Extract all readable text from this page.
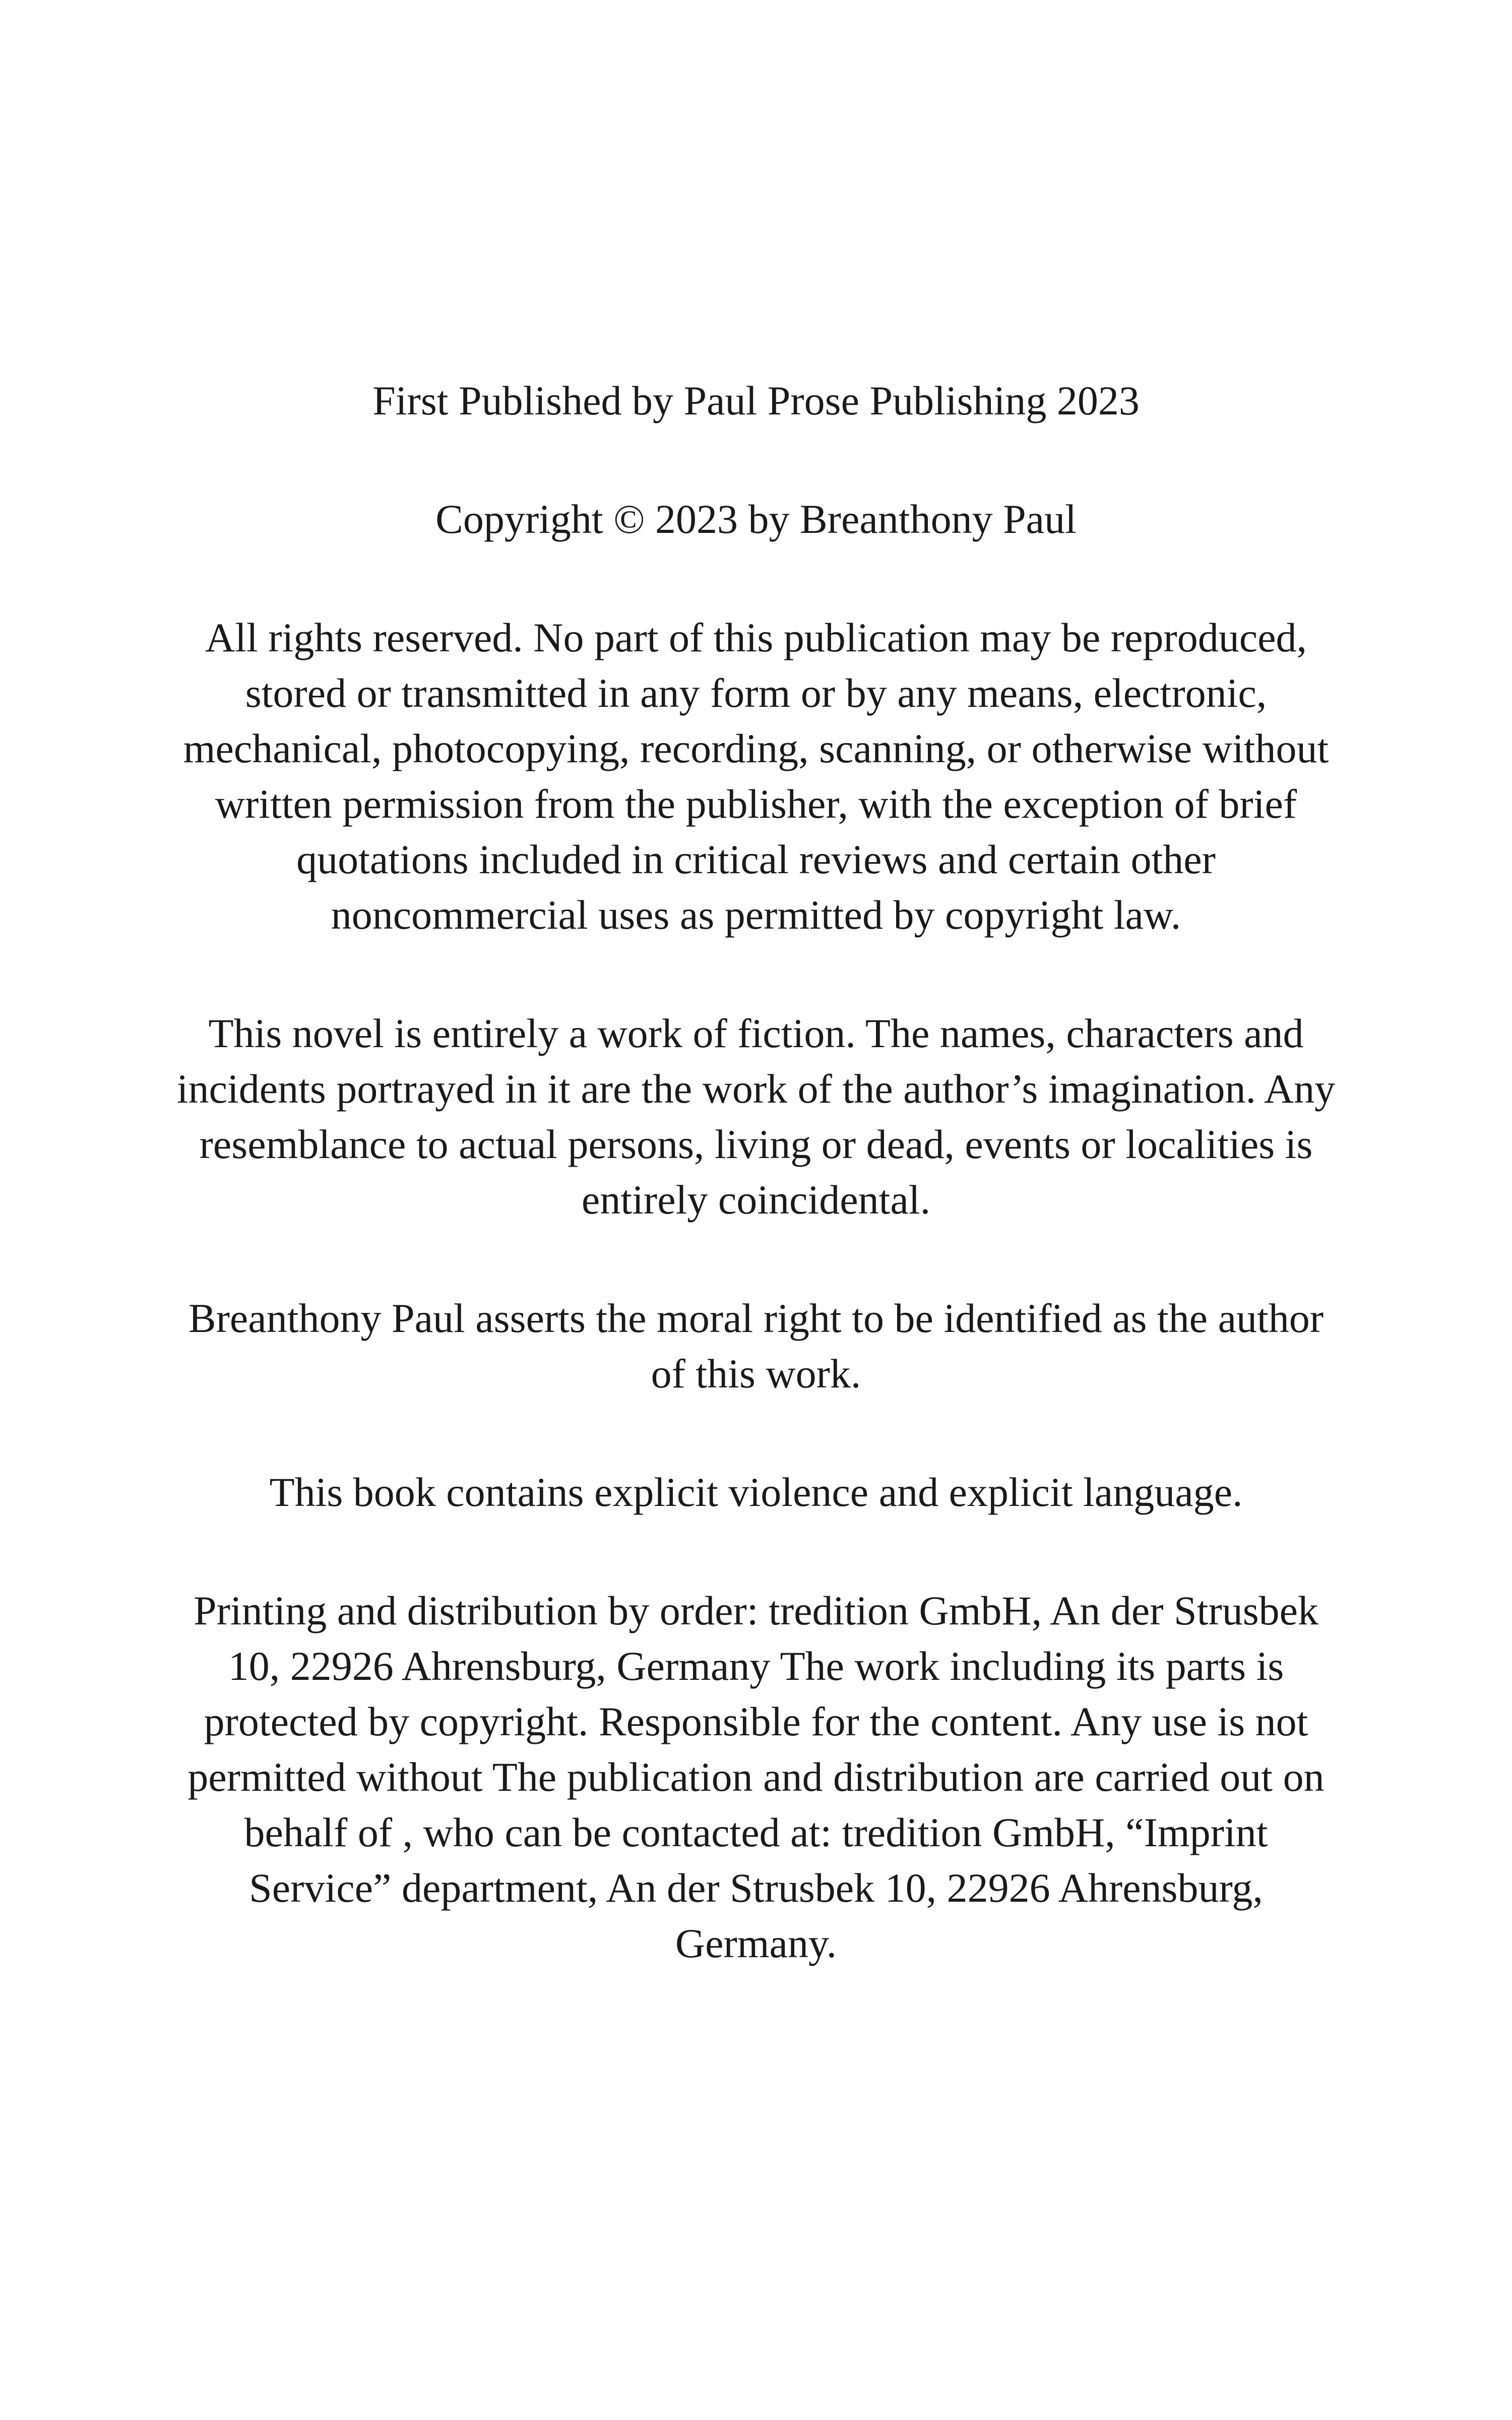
First Published by Paul Prose Publishing 2023

Copyright © 2023 by Breanthony Paul

All rights reserved. No part of this publication may be reproduced,
stored or transmitted in any form or by any means, electronic,
mechanical, photocopying, recording, scanning, or otherwise without
written permission from the publisher, with the exception of brief
quotations included in critical reviews and certain other
noncommercial uses as permitted by copyright law.

This novel is entirely a work of fiction. The names, characters and
incidents portrayed in it are the work of the author’s imagination. Any
resemblance to actual persons, living or dead, events or localities is
entirely coincidental.

Breanthony Paul asserts the moral right to be identified as the author
of this work.

This book contains explicit violence and explicit language.

Printing and distribution by order: tredition GmbH, An der Strusbek
10, 22926 Ahrensburg, Germany The work including its parts is
protected by copyright. Responsible for the content. Any use is not
permitted without The publication and distribution are carried out on
behalf of , who can be contacted at: tredition GmbH, “Imprint
Service” department, An der Strusbek 10, 22926 Ahrensburg,
Germany.
